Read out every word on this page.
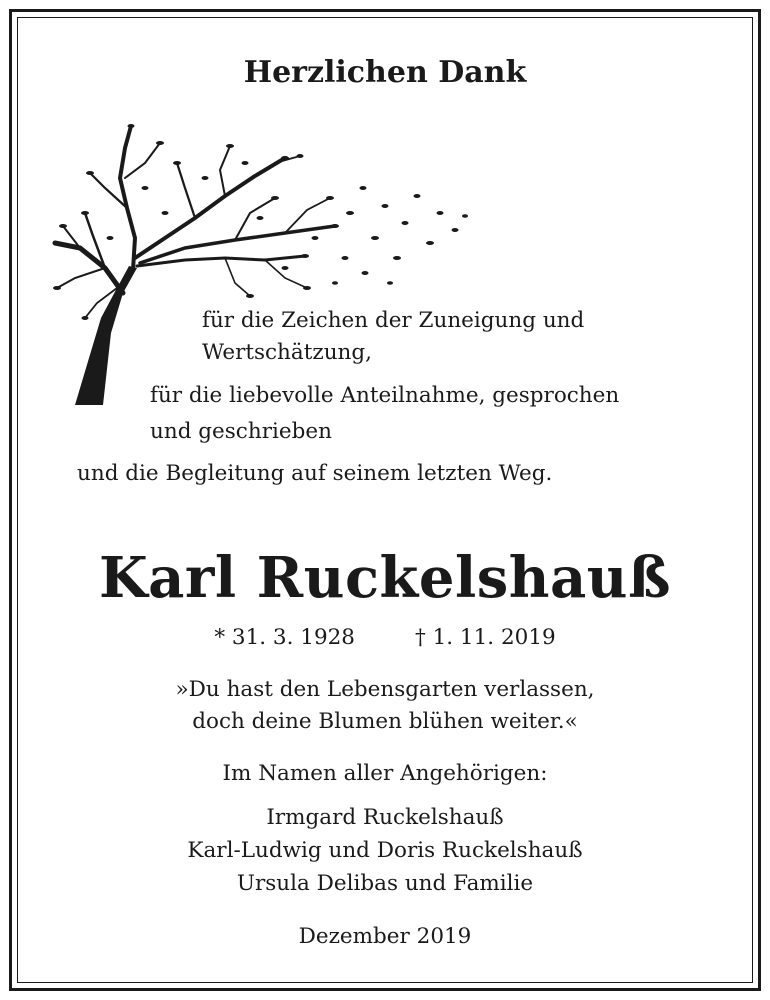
Herzlichen Dank
für die Zeichen der Zuneigung und
Wertschätzung,
für die liebevolle Anteilnahme, gesprochen
und geschrieben
und die Begleitung auf seinem letzten Weg.
Karl Ruckelshauß
* 31. 3. 1928	† 1. 11. 2019
»Du hast den Lebensgarten verlassen,
doch deine Blumen blühen weiter.«
Im Namen aller Angehörigen:
Irmgard Ruckelshauß
Karl-Ludwig und Doris Ruckelshauß
Ursula Delibas und Familie
Dezember 2019
